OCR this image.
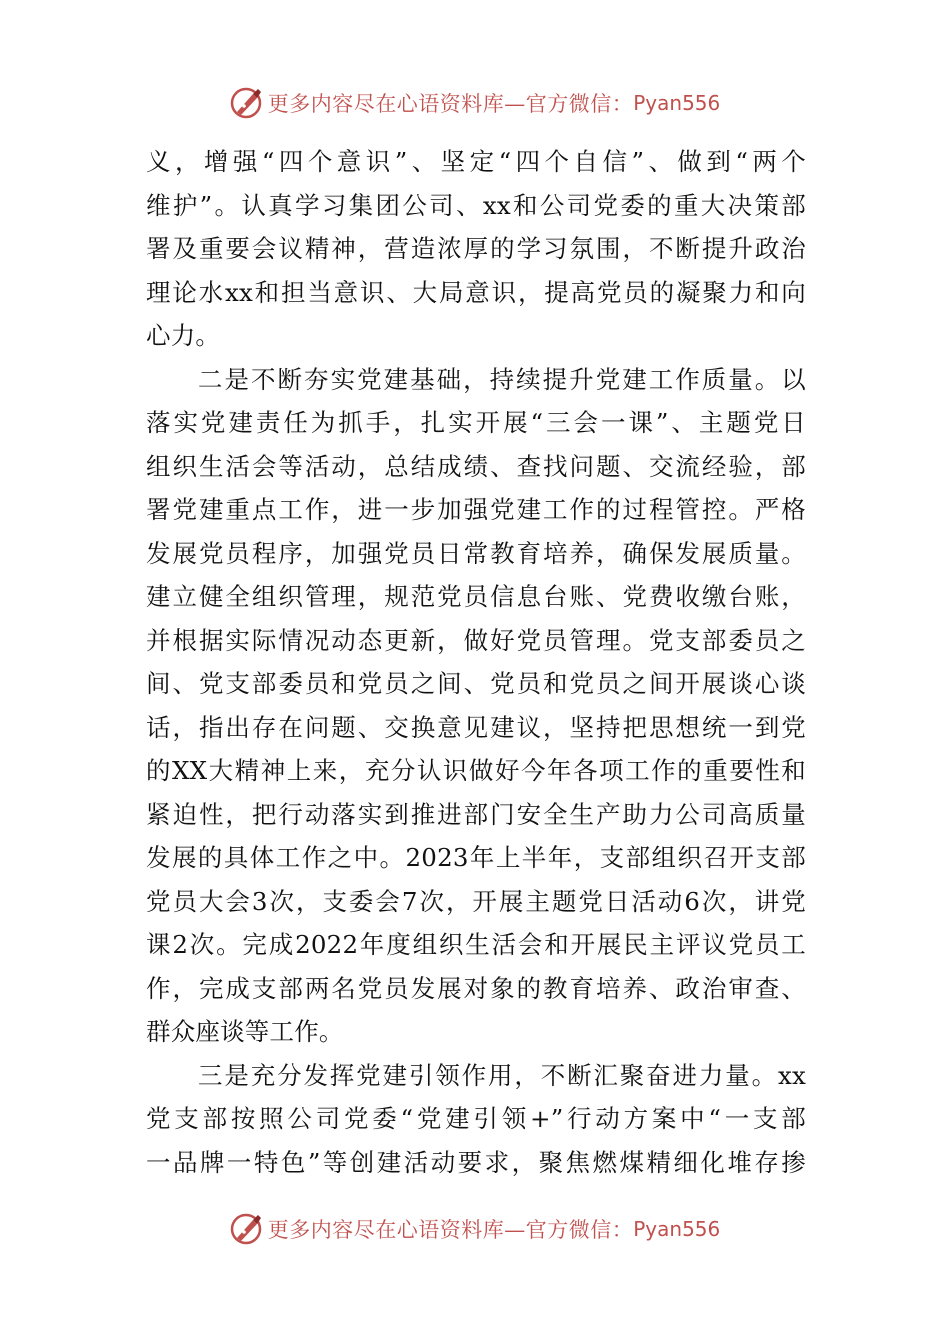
更多内容尽在心语资料库—官方微信： Pyan556
义，增强“四个意识”、坚定“四个自信”、做到“两个
维护”。认真学习集团公司、xx和公司党委的重大决策部
署及重要会议精神，营造浓厚的学习氛围，不断提升政治
理论水xx和担当意识、大局意识，提高党员的凝聚力和向
心力。
二是不断夯实党建基础，持续提升党建工作质量。以
落实党建责任为抓手，扎实开展“三会一课”、主题党日
组织生活会等活动，总结成绩、查找问题、交流经验，部
署党建重点工作，进一步加强党建工作的过程管控。严格
发展党员程序，加强党员日常教育培养，确保发展质量。
建立健全组织管理，规范党员信息台账、党费收缴台账，
并根据实际情况动态更新，做好党员管理。党支部委员之
间、党支部委员和党员之间、党员和党员之间开展谈心谈
话，指出存在问题、交换意见建议，坚持把思想统一到党
的XX大精神上来，充分认识做好今年各项工作的重要性和
紧迫性，把行动落实到推进部门安全生产助力公司高质量
发展的具体工作之中。2023年上半年，支部组织召开支部
党员大会3次，支委会7次，开展主题党日活动6次，讲党
课2次。完成2022年度组织生活会和开展民主评议党员工
作，完成支部两名党员发展对象的教育培养、政治审查、
群众座谈等工作。
三是充分发挥党建引领作用，不断汇聚奋进力量。xx
党支部按照公司党委“党建引领+”行动方案中“一支部
一品牌一特色”等创建活动要求，聚焦燃煤精细化堆存掺
更多内容尽在心语资料库—官方微信： Pyan556
